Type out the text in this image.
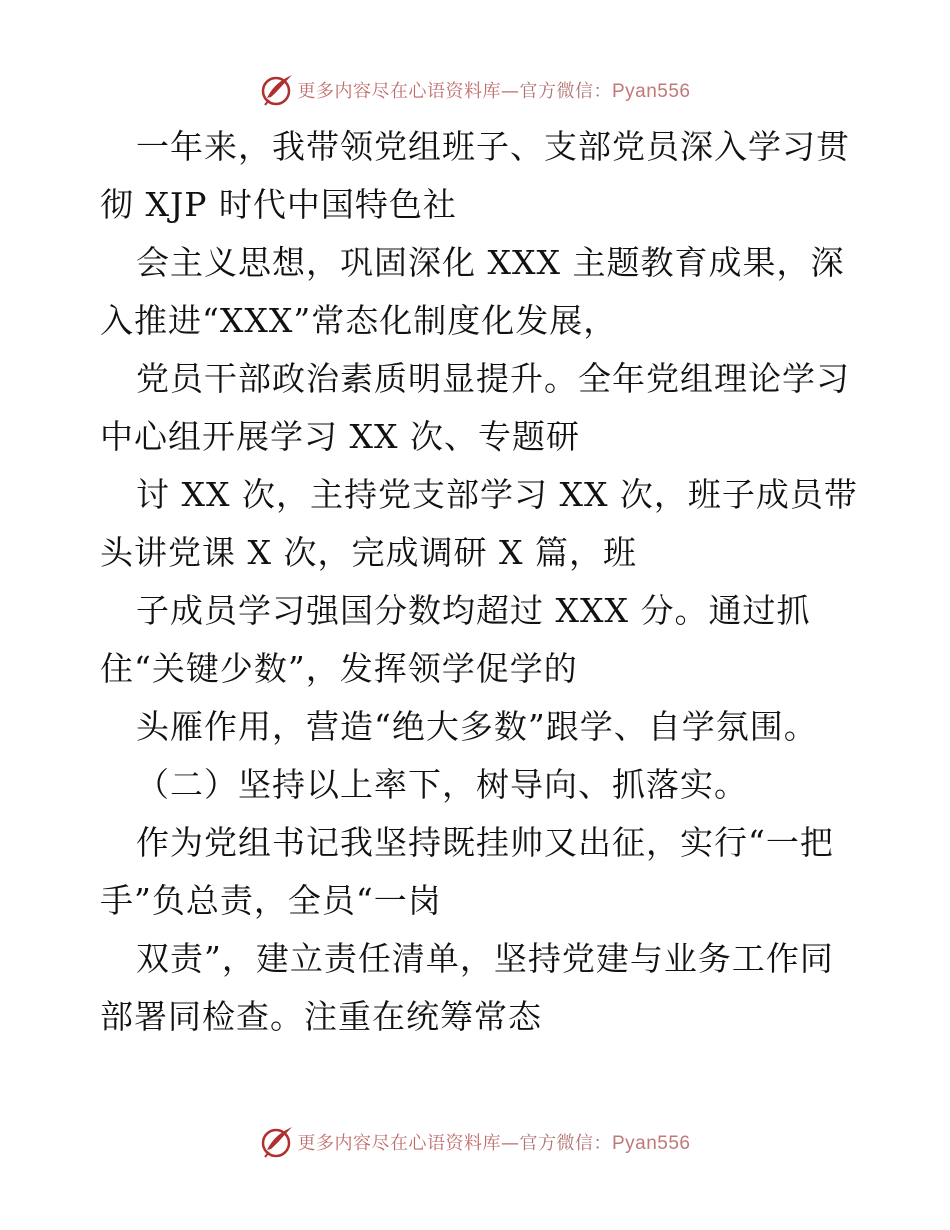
更多内容尽在心语资料库—官方微信：Pyan556
一年来，我带领党组班子、支部党员深入学习贯
彻 XJP 时代中国特色社
会主义思想，巩固深化 XXX 主题教育成果，深
入推进“XXX”常态化制度化发展，
党员干部政治素质明显提升。全年党组理论学习
中心组开展学习 XX 次、专题研
讨 XX 次，主持党支部学习 XX 次，班子成员带
头讲党课 X 次，完成调研 X 篇，班
子成员学习强国分数均超过 XXX 分。通过抓
住“关键少数”，发挥领学促学的
头雁作用，营造“绝大多数”跟学、自学氛围。
（二）坚持以上率下，树导向、抓落实。
作为党组书记我坚持既挂帅又出征，实行“一把
手”负总责，全员“一岗
双责”，建立责任清单，坚持党建与业务工作同
部署同检查。注重在统筹常态
更多内容尽在心语资料库—官方微信：Pyan556
